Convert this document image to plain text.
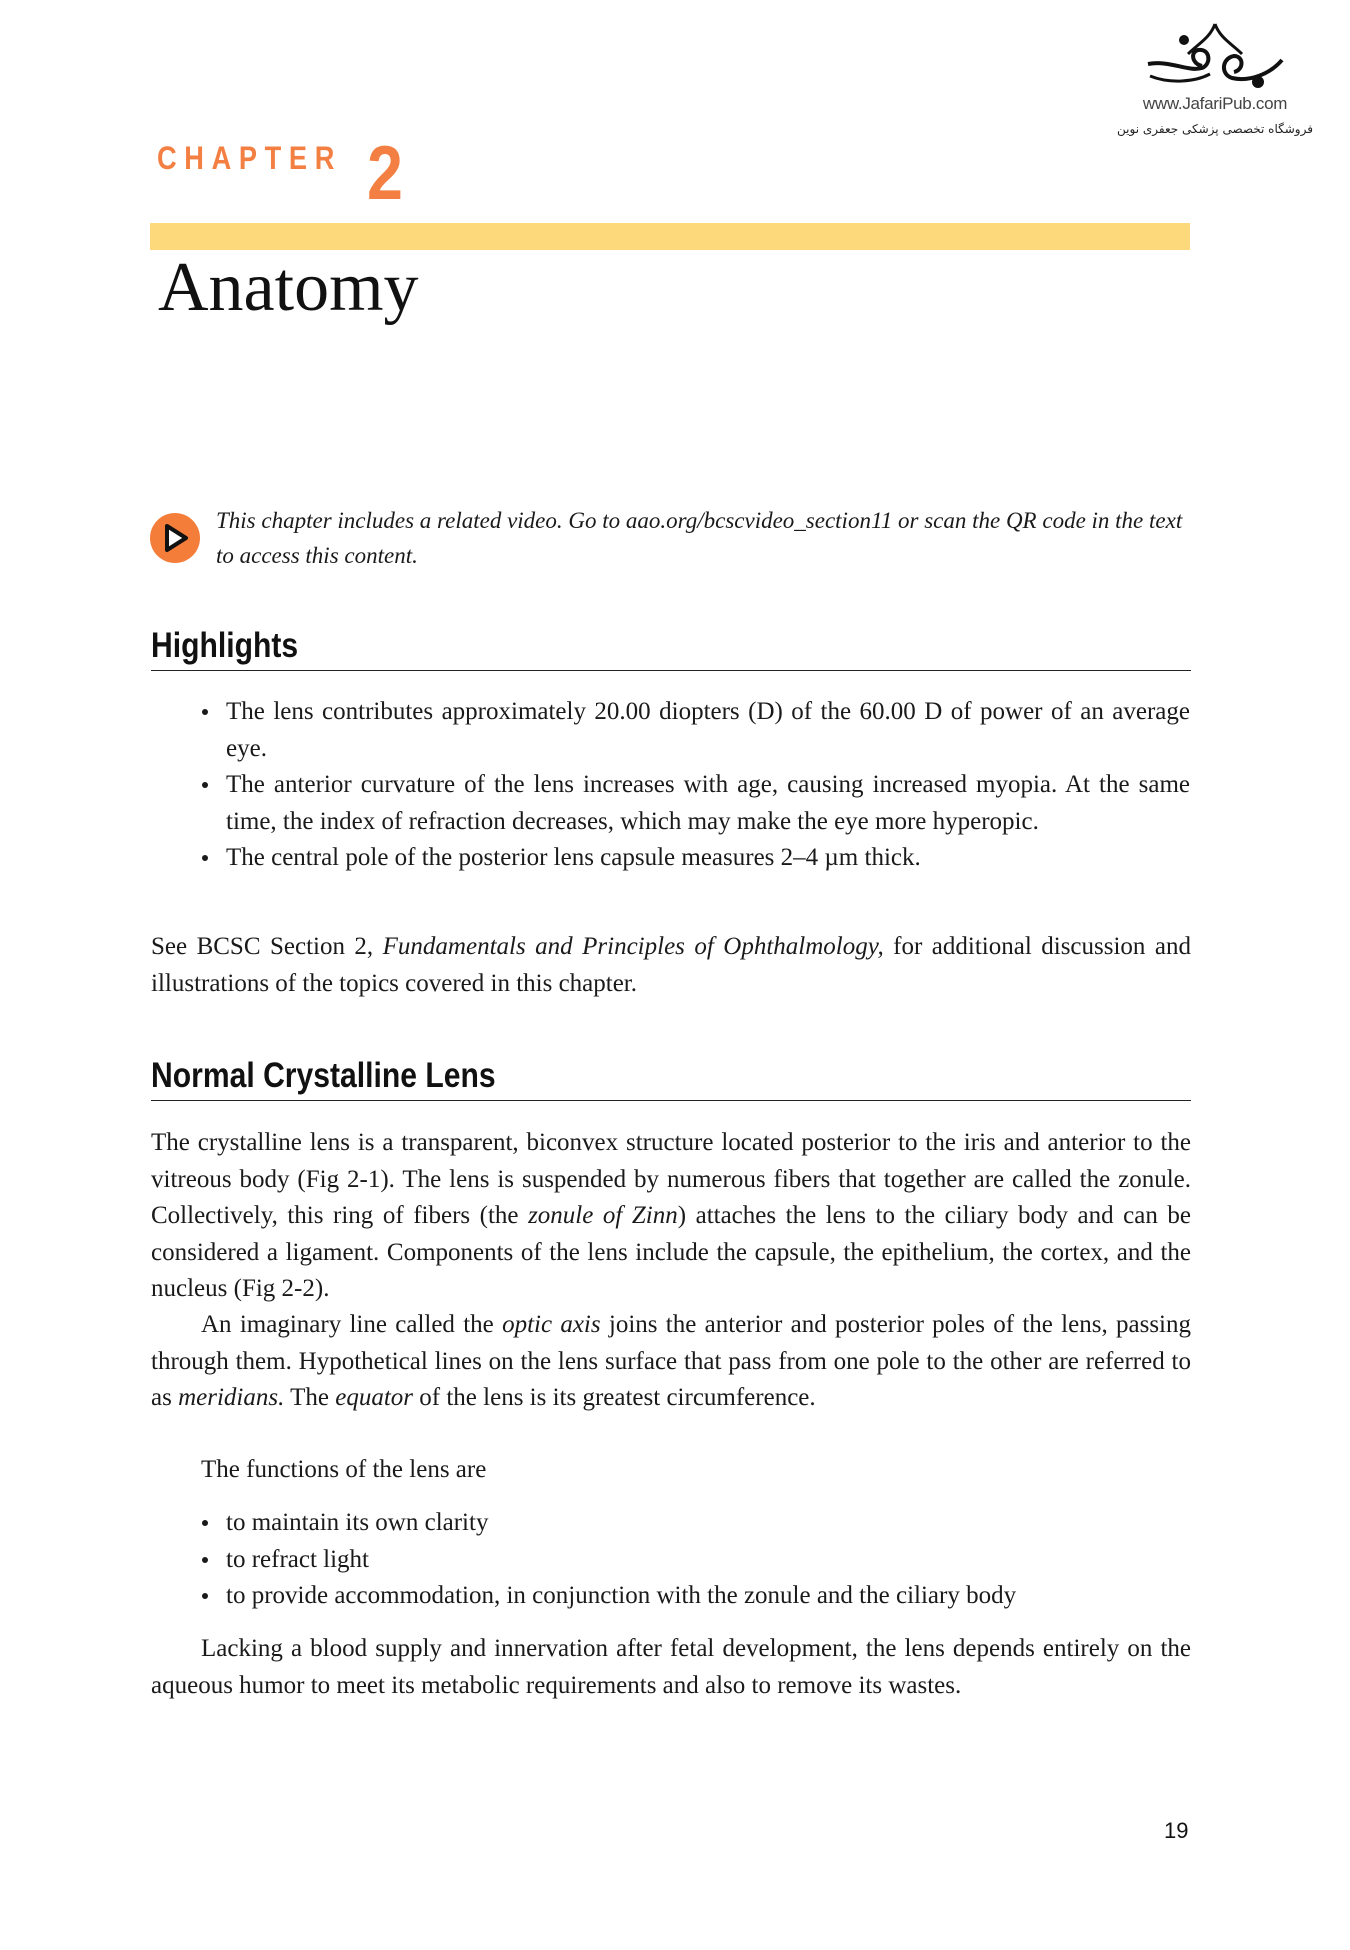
www.JafariPub.com
فروشگاه تخصصی پزشکی جعفری نوین
CHAPTER 2
Anatomy
This chapter includes a related video. Go to aao.org/bcscvideo_section11 or scan the QR code in the text to access this content.
Highlights
The lens contributes approximately 20.00 diopters (D) of the 60.00 D of power of an average eye.
The anterior curvature of the lens increases with age, causing increased myopia. At the same time, the index of refraction decreases, which may make the eye more hyperopic.
The central pole of the posterior lens capsule measures 2–4 µm thick.
See BCSC Section 2, Fundamentals and Principles of Ophthalmology, for additional discussion and illustrations of the topics covered in this chapter.
Normal Crystalline Lens
The crystalline lens is a transparent, biconvex structure located posterior to the iris and anterior to the vitreous body (Fig 2-1). The lens is suspended by numerous fibers that together are called the zonule. Collectively, this ring of fibers (the zonule of Zinn) attaches the lens to the ciliary body and can be considered a ligament. Components of the lens include the capsule, the epithelium, the cortex, and the nucleus (Fig 2-2).
An imaginary line called the optic axis joins the anterior and posterior poles of the lens, passing through them. Hypothetical lines on the lens surface that pass from one pole to the other are referred to as meridians. The equator of the lens is its greatest circumference.
The functions of the lens are
to maintain its own clarity
to refract light
to provide accommodation, in conjunction with the zonule and the ciliary body
Lacking a blood supply and innervation after fetal development, the lens depends entirely on the aqueous humor to meet its metabolic requirements and also to remove its wastes.
19
